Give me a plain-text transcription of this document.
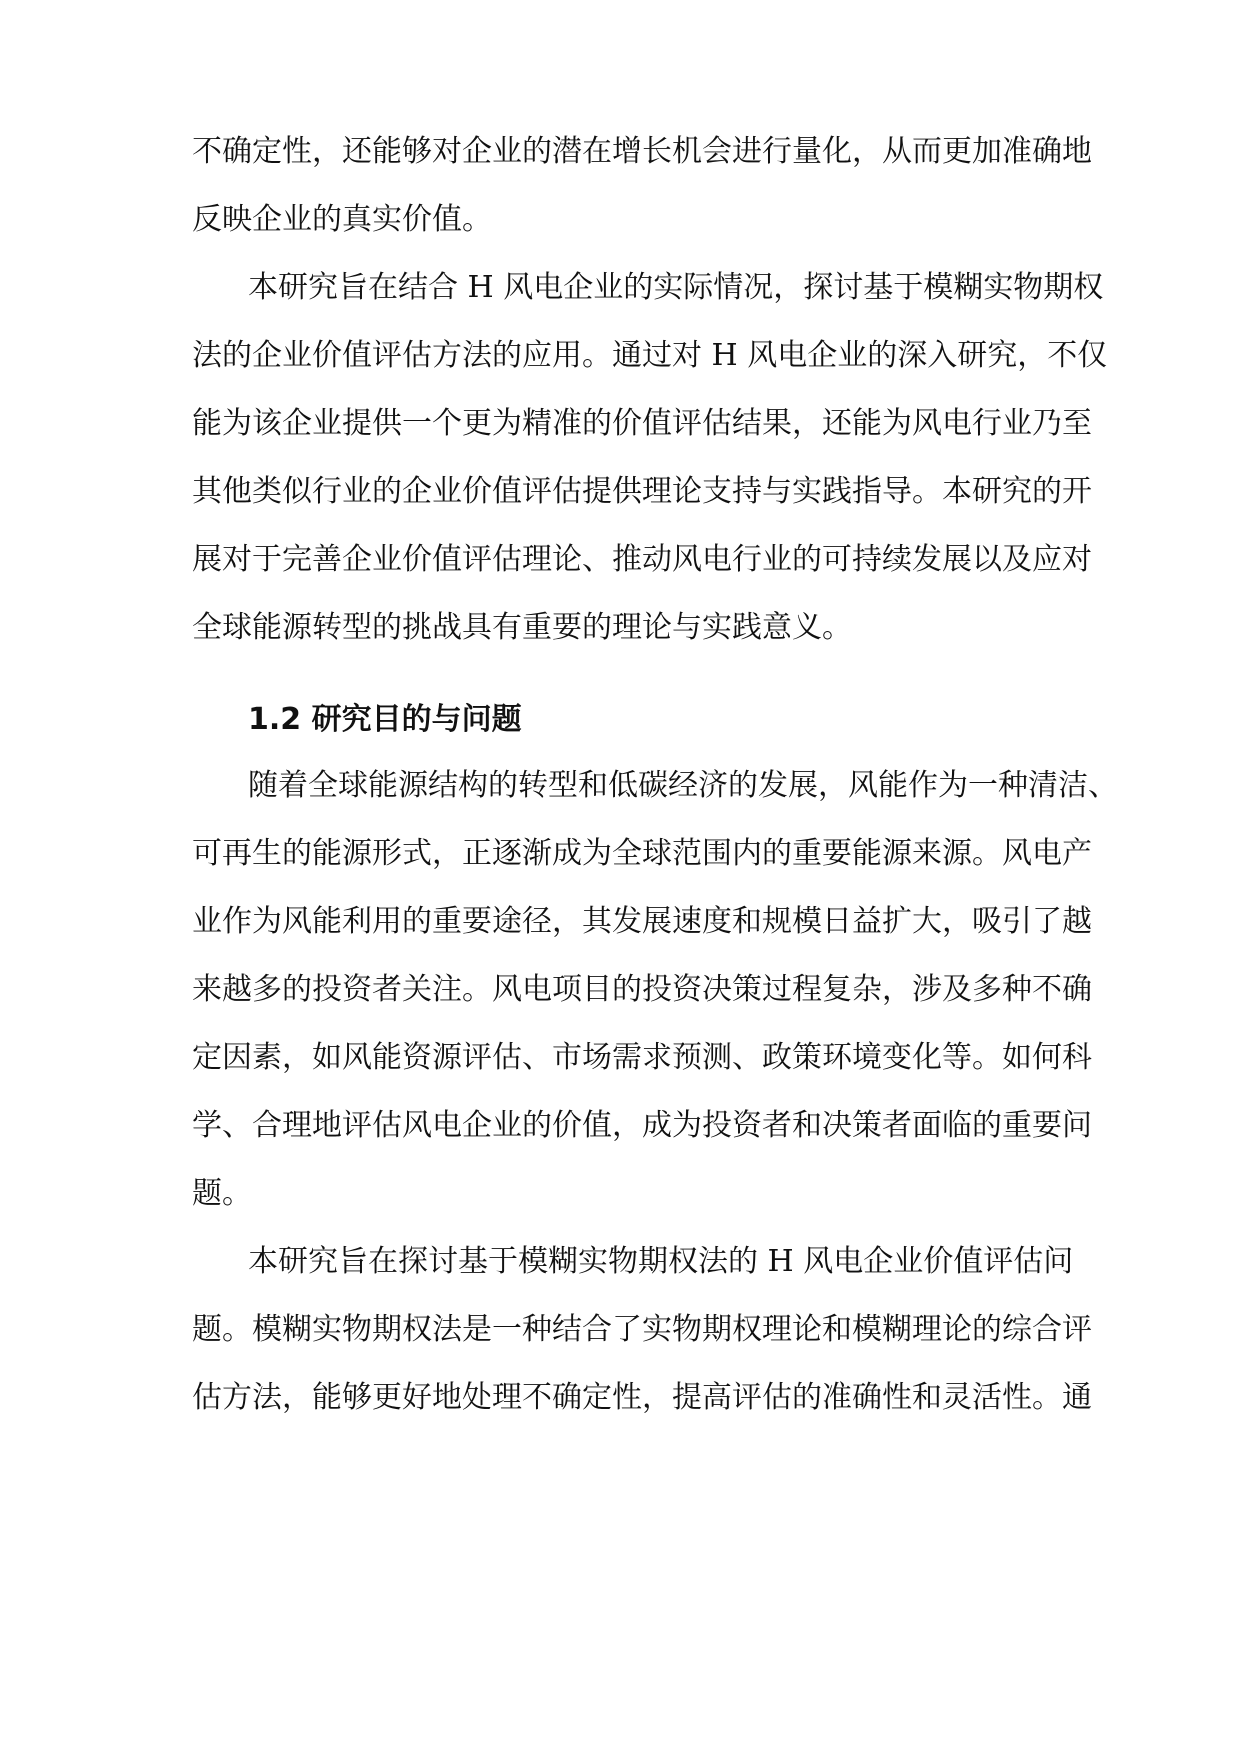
不确定性，还能够对企业的潜在增长机会进行量化，从而更加准确地
反映企业的真实价值。
本研究旨在结合 H 风电企业的实际情况，探讨基于模糊实物期权
法的企业价值评估方法的应用。通过对 H 风电企业的深入研究，不仅
能为该企业提供一个更为精准的价值评估结果，还能为风电行业乃至
其他类似行业的企业价值评估提供理论支持与实践指导。本研究的开
展对于完善企业价值评估理论、推动风电行业的可持续发展以及应对
全球能源转型的挑战具有重要的理论与实践意义。
1.2 研究目的与问题
随着全球能源结构的转型和低碳经济的发展，风能作为一种清洁、
可再生的能源形式，正逐渐成为全球范围内的重要能源来源。风电产
业作为风能利用的重要途径，其发展速度和规模日益扩大，吸引了越
来越多的投资者关注。风电项目的投资决策过程复杂，涉及多种不确
定因素，如风能资源评估、市场需求预测、政策环境变化等。如何科
学、合理地评估风电企业的价值，成为投资者和决策者面临的重要问
题。
本研究旨在探讨基于模糊实物期权法的 H 风电企业价值评估问
题。模糊实物期权法是一种结合了实物期权理论和模糊理论的综合评
估方法，能够更好地处理不确定性，提高评估的准确性和灵活性。通
